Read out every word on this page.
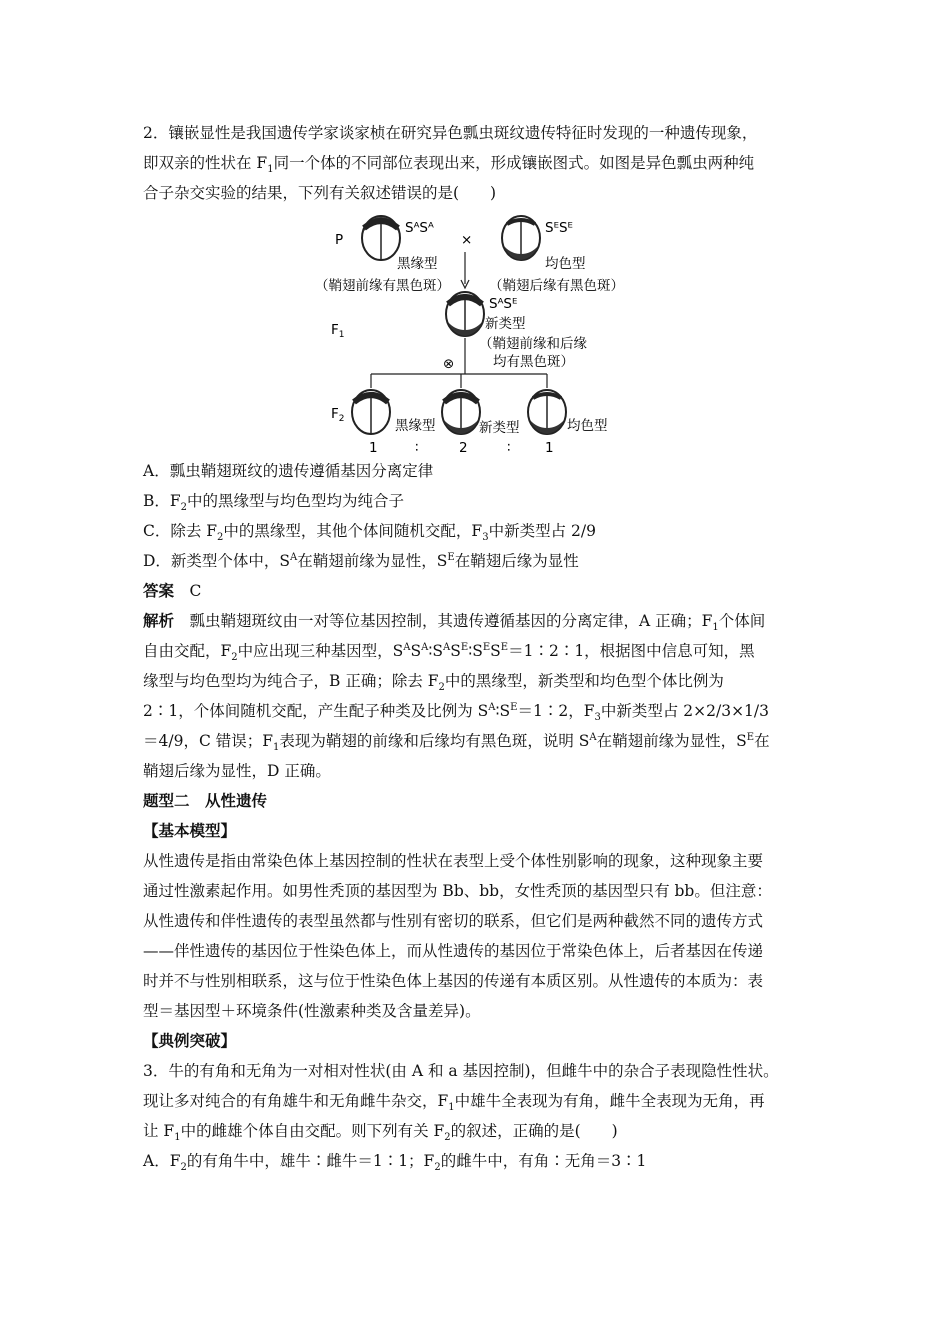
2．镶嵌显性是我国遗传学家谈家桢在研究异色瓢虫斑纹遗传特征时发现的一种遗传现象，

即双亲的性状在 $F_1$同一个体的不同部位表现出来，形成镶嵌图式。如图是异色瓢虫两种纯

合子杂交实验的结果，下列有关叙述错误的是(　　)

P
$F_1$
$F_2$
SᴬSᴬ
黑缘型
（鞘翅前缘有黑色斑）
×
SᴱSᴱ
均色型
（鞘翅后缘有黑色斑）
SᴬSᴱ
新类型
（鞘翅前缘和后缘
均有黑色斑）
⊗
黑缘型	新类型	均色型
1	∶	2	∶	1

A．瓢虫鞘翅斑纹的遗传遵循基因分离定律

B．$F_2$中的黑缘型与均色型均为纯合子

C．除去 $F_2$中的黑缘型，其他个体间随机交配，$F_3$中新类型占 2/9

D．新类型个体中，$S^A$在鞘翅前缘为显性，$S^E$在鞘翅后缘为显性

答案　 C

解析　 瓢虫鞘翅斑纹由一对等位基因控制，其遗传遵循基因的分离定律，A 正确；$F_1$个体间

自由交配，$F_2$中应出现三种基因型，$S^AS^A∶S^AS^E∶S^ES^E=1∶2∶1$，根据图中信息可知，黑

缘型与均色型均为纯合子，B 正确；除去 $F_2$中的黑缘型，新类型和均色型个体比例为

2∶1，个体间随机交配，产生配子种类及比例为 $S^A∶S^E=1∶2$，$F_3$中新类型占 2×2/3×1/3

＝4/9，C 错误；$F_1$表现为鞘翅的前缘和后缘均有黑色斑，说明 $S^A$在鞘翅前缘为显性，$S^E$在

鞘翅后缘为显性，D 正确。

题型二　从性遗传

【基本模型】

从性遗传是指由常染色体上基因控制的性状在表型上受个体性别影响的现象，这种现象主要

通过性激素起作用。如男性秃顶的基因型为 Bb、bb，女性秃顶的基因型只有 bb。但注意：

从性遗传和伴性遗传的表型虽然都与性别有密切的联系，但它们是两种截然不同的遗传方式

——伴性遗传的基因位于性染色体上，而从性遗传的基因位于常染色体上，后者基因在传递

时并不与性别相联系，这与位于性染色体上基因的传递有本质区别。从性遗传的本质为：表

型＝基因型＋环境条件(性激素种类及含量差异)。

【典例突破】

3．牛的有角和无角为一对相对性状(由 A 和 a 基因控制)，但雌牛中的杂合子表现隐性性状。

现让多对纯合的有角雄牛和无角雌牛杂交，$F_1$中雄牛全表现为有角，雌牛全表现为无角，再

让 $F_1$中的雌雄个体自由交配。则下列有关 $F_2$的叙述，正确的是(　　)

A．$F_2$的有角牛中，雄牛∶雌牛＝1∶1；$F_2$的雌牛中，有角∶无角＝3∶1
